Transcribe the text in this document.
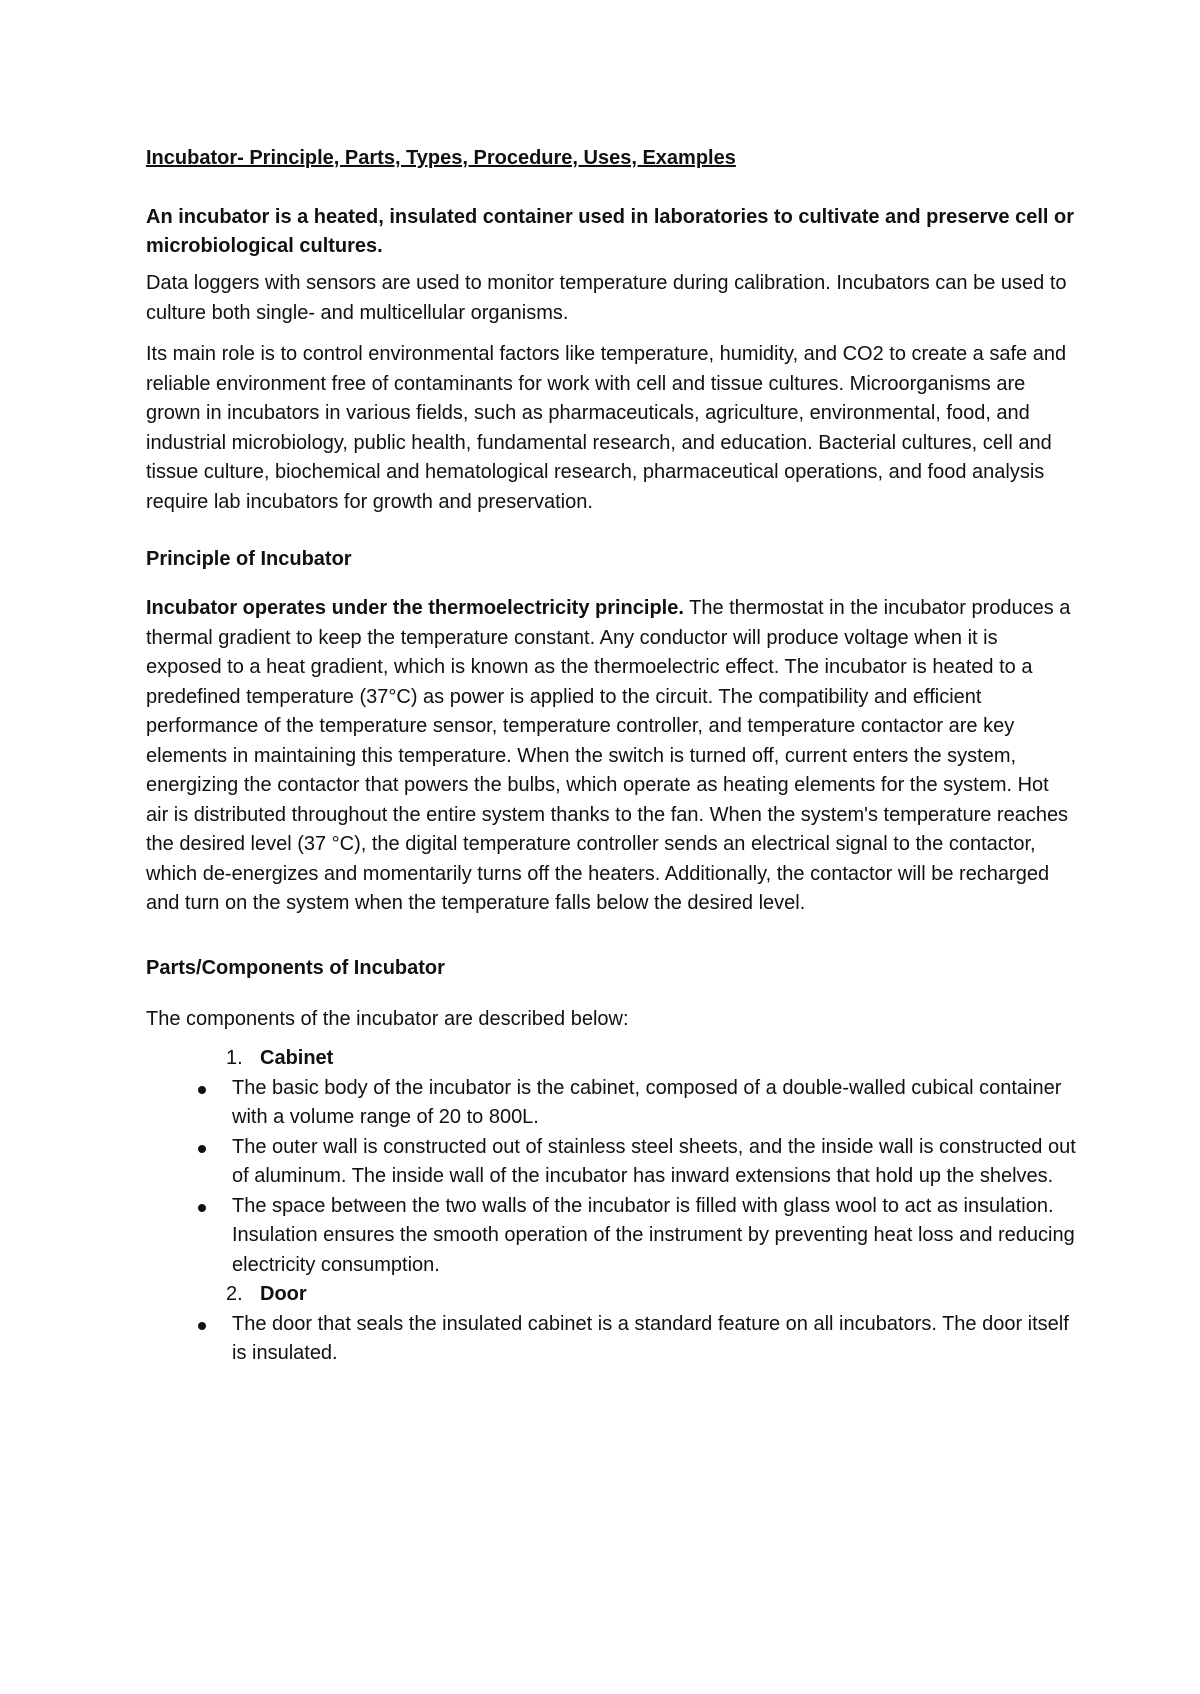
Incubator- Principle, Parts, Types, Procedure, Uses, Examples
An incubator is a heated, insulated container used in laboratories to cultivate and preserve cell or microbiological cultures.

Data loggers with sensors are used to monitor temperature during calibration. Incubators can be used to culture both single- and multicellular organisms.

Its main role is to control environmental factors like temperature, humidity, and CO2 to create a safe and reliable environment free of contaminants for work with cell and tissue cultures. Microorganisms are grown in incubators in various fields, such as pharmaceuticals, agriculture, environmental, food, and industrial microbiology, public health, fundamental research, and education. Bacterial cultures, cell and tissue culture, biochemical and hematological research, pharmaceutical operations, and food analysis require lab incubators for growth and preservation.

Principle of Incubator

Incubator operates under the thermoelectricity principle. The thermostat in the incubator produces a thermal gradient to keep the temperature constant. Any conductor will produce voltage when it is exposed to a heat gradient, which is known as the thermoelectric effect. The incubator is heated to a predefined temperature (37°C) as power is applied to the circuit. The compatibility and efficient performance of the temperature sensor, temperature controller, and temperature contactor are key elements in maintaining this temperature. When the switch is turned off, current enters the system, energizing the contactor that powers the bulbs, which operate as heating elements for the system. Hot air is distributed throughout the entire system thanks to the fan. When the system's temperature reaches the desired level (37 °C), the digital temperature controller sends an electrical signal to the contactor, which de-energizes and momentarily turns off the heaters. Additionally, the contactor will be recharged and turn on the system when the temperature falls below the desired level.

Parts/Components of Incubator

The components of the incubator are described below:

1. Cabinet
The basic body of the incubator is the cabinet, composed of a double-walled cubical container with a volume range of 20 to 800L.
The outer wall is constructed out of stainless steel sheets, and the inside wall is constructed out of aluminum. The inside wall of the incubator has inward extensions that hold up the shelves.
The space between the two walls of the incubator is filled with glass wool to act as insulation. Insulation ensures the smooth operation of the instrument by preventing heat loss and reducing electricity consumption.
2. Door
The door that seals the insulated cabinet is a standard feature on all incubators. The door itself is insulated.
